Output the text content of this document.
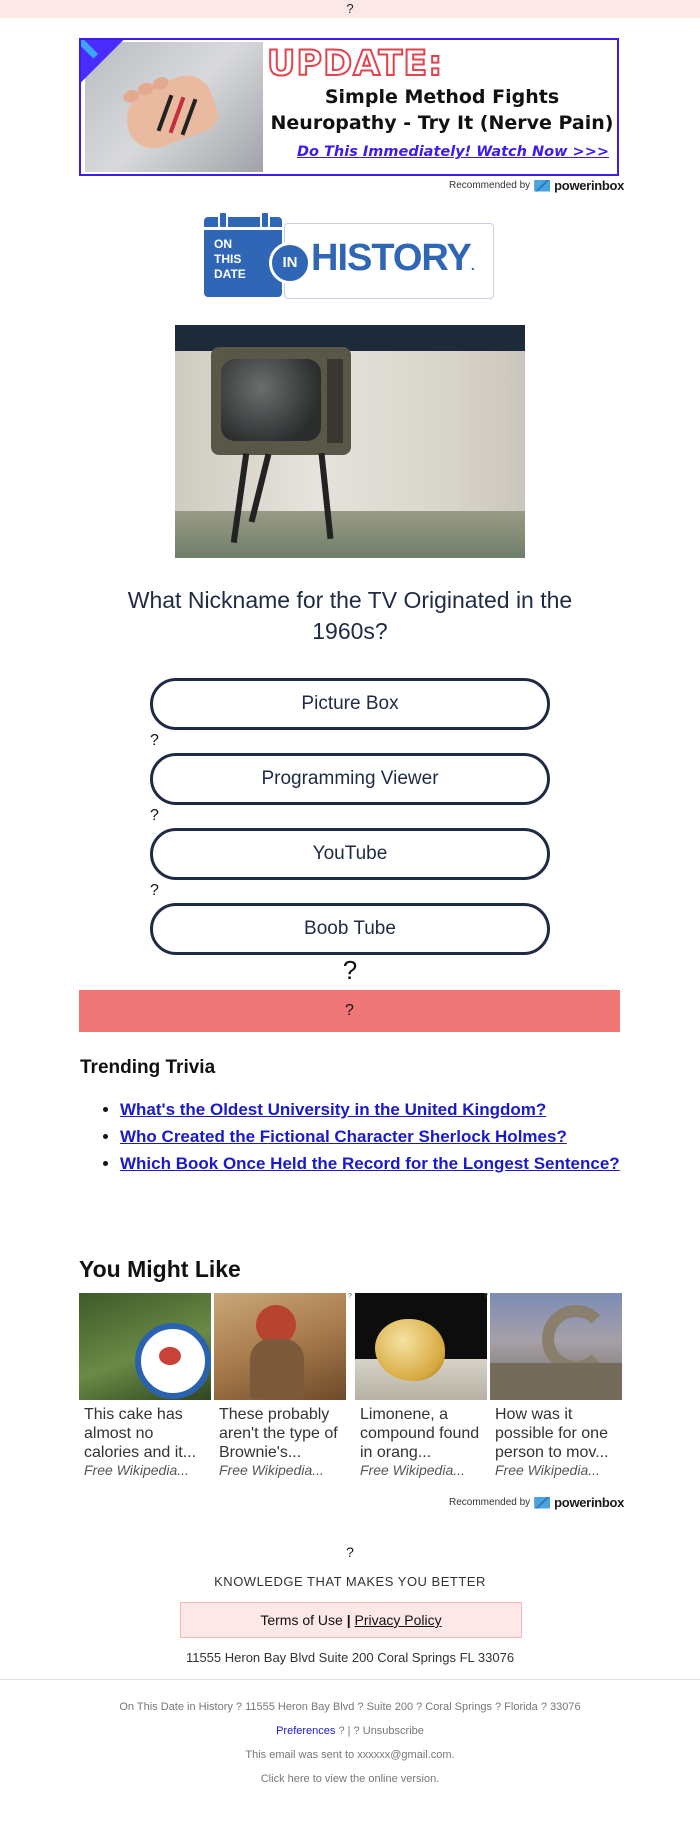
?
UPDATE:
Simple Method Fights Neuropathy - Try It (Nerve Pain)
Do This Immediately! Watch Now >>>
Recommended by powerinbox
ON THIS DATE
IN HISTORY.
What Nickname for the TV Originated in the 1960s?
Picture Box
?
Programming Viewer
?
YouTube
?
Boob Tube
?
?
Trending Trivia
• What's the Oldest University in the United Kingdom?
• Who Created the Fictional Character Sherlock Holmes?
• Which Book Once Held the Record for the Longest Sentence?
You Might Like
This cake has almost no calories and it...
Free Wikipedia...
These probably aren't the type of Brownie's...
Free Wikipedia...
?
Limonene, a compound found in orang...
Free Wikipedia...
?
How was it possible for one person to mov...
Free Wikipedia...
Recommended by powerinbox
?
KNOWLEDGE THAT MAKES YOU BETTER
Terms of Use | Privacy Policy
11555 Heron Bay Blvd Suite 200 Coral Springs FL 33076
On This Date in History ? 11555 Heron Bay Blvd ? Suite 200 ? Coral Springs ? Florida ? 33076
Preferences ? | ? Unsubscribe
This email was sent to xxxxxx@gmail.com.
Click here to view the online version.
